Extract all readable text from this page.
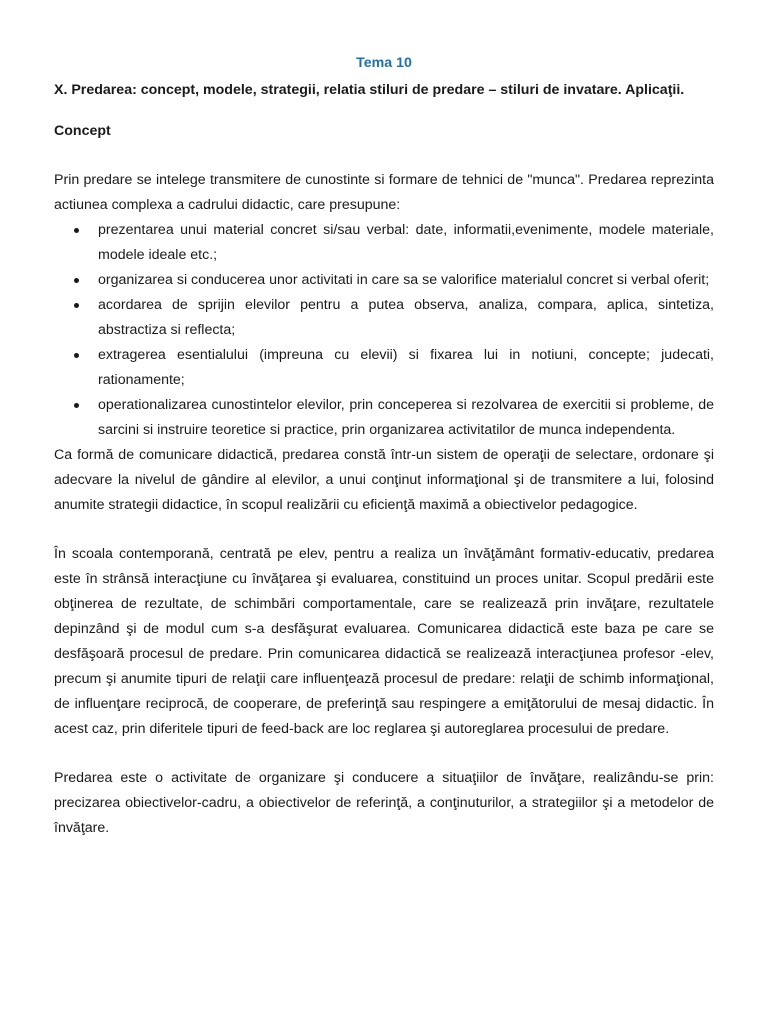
Tema 10
X. Predarea: concept, modele, strategii, relatia stiluri de predare – stiluri de invatare. Aplicaţii.
Concept

Prin predare se intelege transmitere de cunostinte si formare de tehnici de "munca". Predarea reprezinta actiunea complexa a cadrului didactic, care presupune:

prezentarea unui material concret si/sau verbal: date, informatii,evenimente, modele materiale, modele ideale etc.;
organizarea si conducerea unor activitati in care sa se valorifice materialul concret si verbal oferit;
acordarea de sprijin elevilor pentru a putea observa, analiza, compara, aplica, sintetiza, abstractiza si reflecta;
extragerea esentialului (impreuna cu elevii) si fixarea lui in notiuni, concepte; judecati, rationamente;
operationalizarea cunostintelor elevilor, prin conceperea si rezolvarea de exercitii si probleme, de sarcini si instruire teoretice si practice, prin organizarea activitatilor de munca independenta.

Ca formă de comunicare didactică, predarea constă într-un sistem de operaţii de selectare, ordonare şi adecvare la nivelul de gândire al elevilor, a unui conţinut informaţional şi de transmitere a lui, folosind anumite strategii didactice, în scopul realizării cu eficienţă maximă a obiectivelor pedagogice.

În scoala contemporană, centrată pe elev, pentru a realiza un învăţământ formativ-educativ, predarea este în strânsă interacţiune cu învăţarea şi evaluarea, constituind un proces unitar. Scopul predării este obţinerea de rezultate, de schimbări comportamentale, care se realizează prin invăţare, rezultatele depinzând şi de modul cum s-a desfăşurat evaluarea. Comunicarea didactică este baza pe care se desfăşoară procesul de predare. Prin comunicarea didactică se realizează interacţiunea profesor -elev, precum şi anumite tipuri de relaţii care influenţează procesul de predare: relaţii de schimb informaţional, de influenţare reciprocă, de cooperare, de preferinţă sau respingere a emiţătorului de mesaj didactic. În acest caz, prin diferitele tipuri de feed-back are loc reglarea şi autoreglarea procesului de predare.

Predarea este o activitate de organizare şi conducere a situaţiilor de învăţare, realizându-se prin: precizarea obiectivelor-cadru, a obiectivelor de referinţă, a conţinuturilor, a strategiilor şi a metodelor de învăţare.
